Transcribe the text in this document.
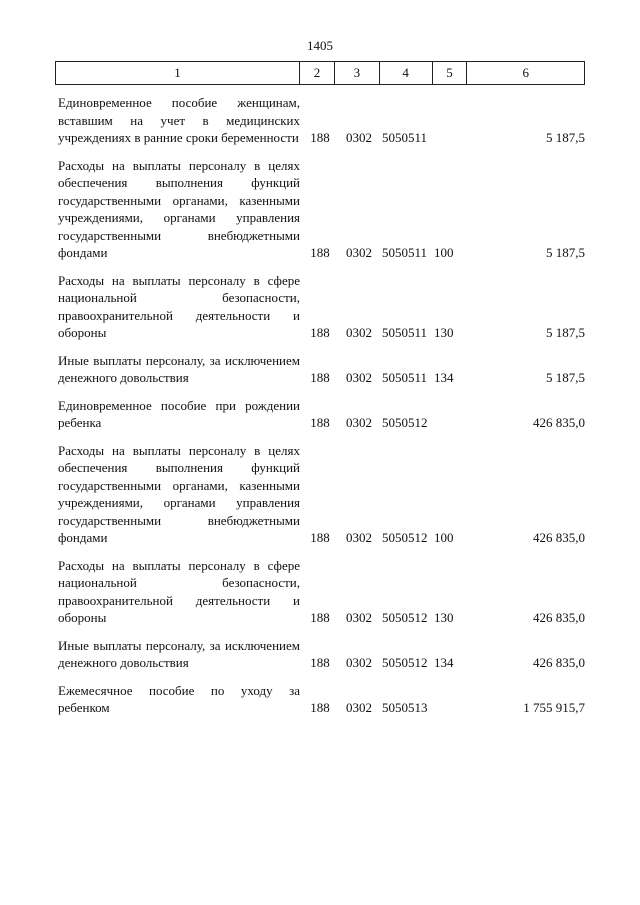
1405
1	2	3	4	5	6
Единовременное пособие женщинам, вставшим на учет в медицинских учреждениях в ранние сроки беременности 188	0302 5050511	5 187,5
Расходы на выплаты персоналу в целях обеспечения выполнения функций государственными органами, казенными учреждениями, органами управления государственными внебюджетными фондами	188	0302 5050511 100	5 187,5
Расходы на выплаты персоналу в сфере национальной безопасности, правоохранительной деятельности и обороны	188	0302 5050511 130	5 187,5
Иные выплаты персоналу, за исключением денежного довольствия	188	0302 5050511 134	5 187,5
Единовременное пособие при рождении ребенка	188	0302 5050512	426 835,0
Расходы на выплаты персоналу в целях обеспечения выполнения функций государственными органами, казенными учреждениями, органами управления государственными внебюджетными фондами	188	0302 5050512 100	426 835,0
Расходы на выплаты персоналу в сфере национальной безопасности, правоохранительной деятельности и обороны	188	0302 5050512 130	426 835,0
Иные выплаты персоналу, за исключением денежного довольствия	188	0302 5050512 134	426 835,0
Ежемесячное пособие по уходу за ребенком	188	0302 5050513	1 755 915,7
